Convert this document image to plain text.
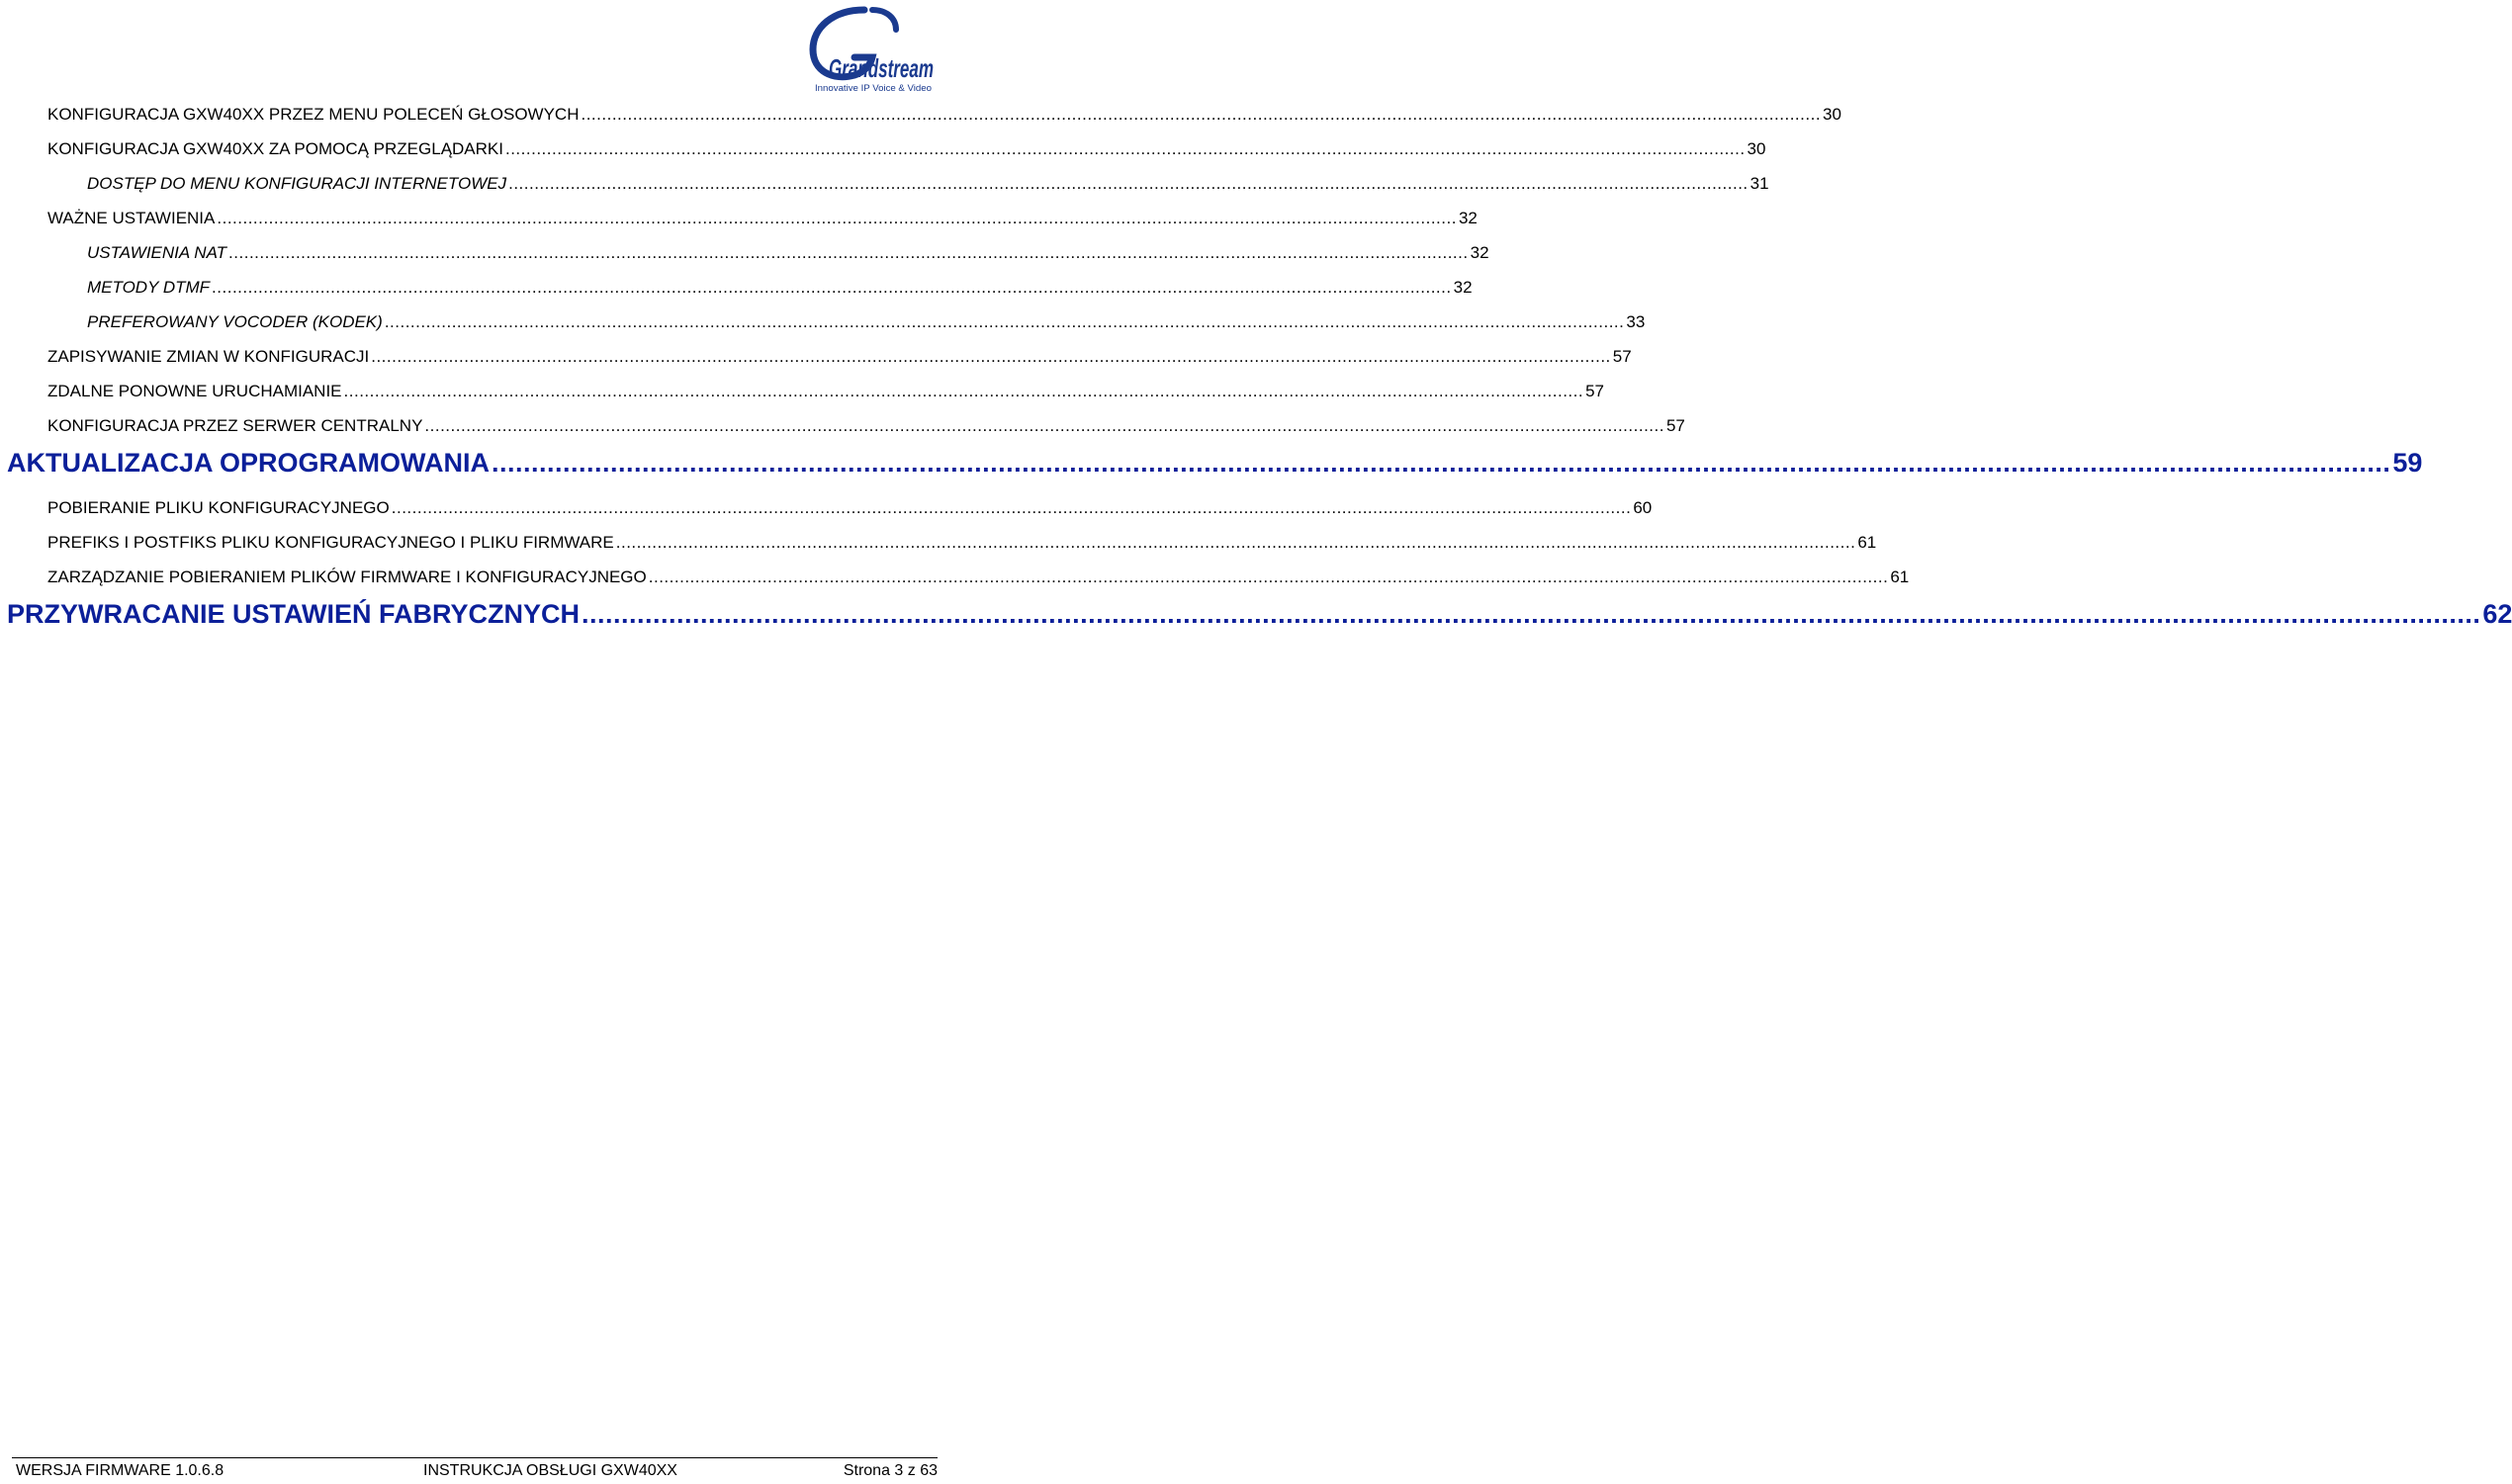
Grandstream
Innovative IP Voice & Video
KONFIGURACJA GXW40XX PRZEZ MENU POLECEŃ GŁOSOWYCH .....	30
KONFIGURACJA GXW40XX ZA POMOCĄ PRZEGLĄDARKI .....	30
DOSTĘP DO MENU KONFIGURACJI INTERNETOWEJ .....	31
WAŻNE USTAWIENIA .....	32
USTAWIENIA NAT .....	32
METODY DTMF .....	32
PREFEROWANY VOCODER (KODEK) .....	33
ZAPISYWANIE ZMIAN W KONFIGURACJI .....	57
ZDALNE PONOWNE URUCHAMIANIE .....	57
KONFIGURACJA PRZEZ SERWER CENTRALNY .....	57
AKTUALIZACJA OPROGRAMOWANIA .....	59
POBIERANIE PLIKU KONFIGURACYJNEGO .....	60
PREFIKS I POSTFIKS PLIKU KONFIGURACYJNEGO I PLIKU FIRMWARE .....	61
ZARZĄDZANIE POBIERANIEM PLIKÓW FIRMWARE I KONFIGURACYJNEGO .....	61
PRZYWRACANIE USTAWIEŃ FABRYCZNYCH .....	62
WERSJA FIRMWARE 1.0.6.8	INSTRUKCJA OBSŁUGI GXW40XX	Strona 3 z 63
